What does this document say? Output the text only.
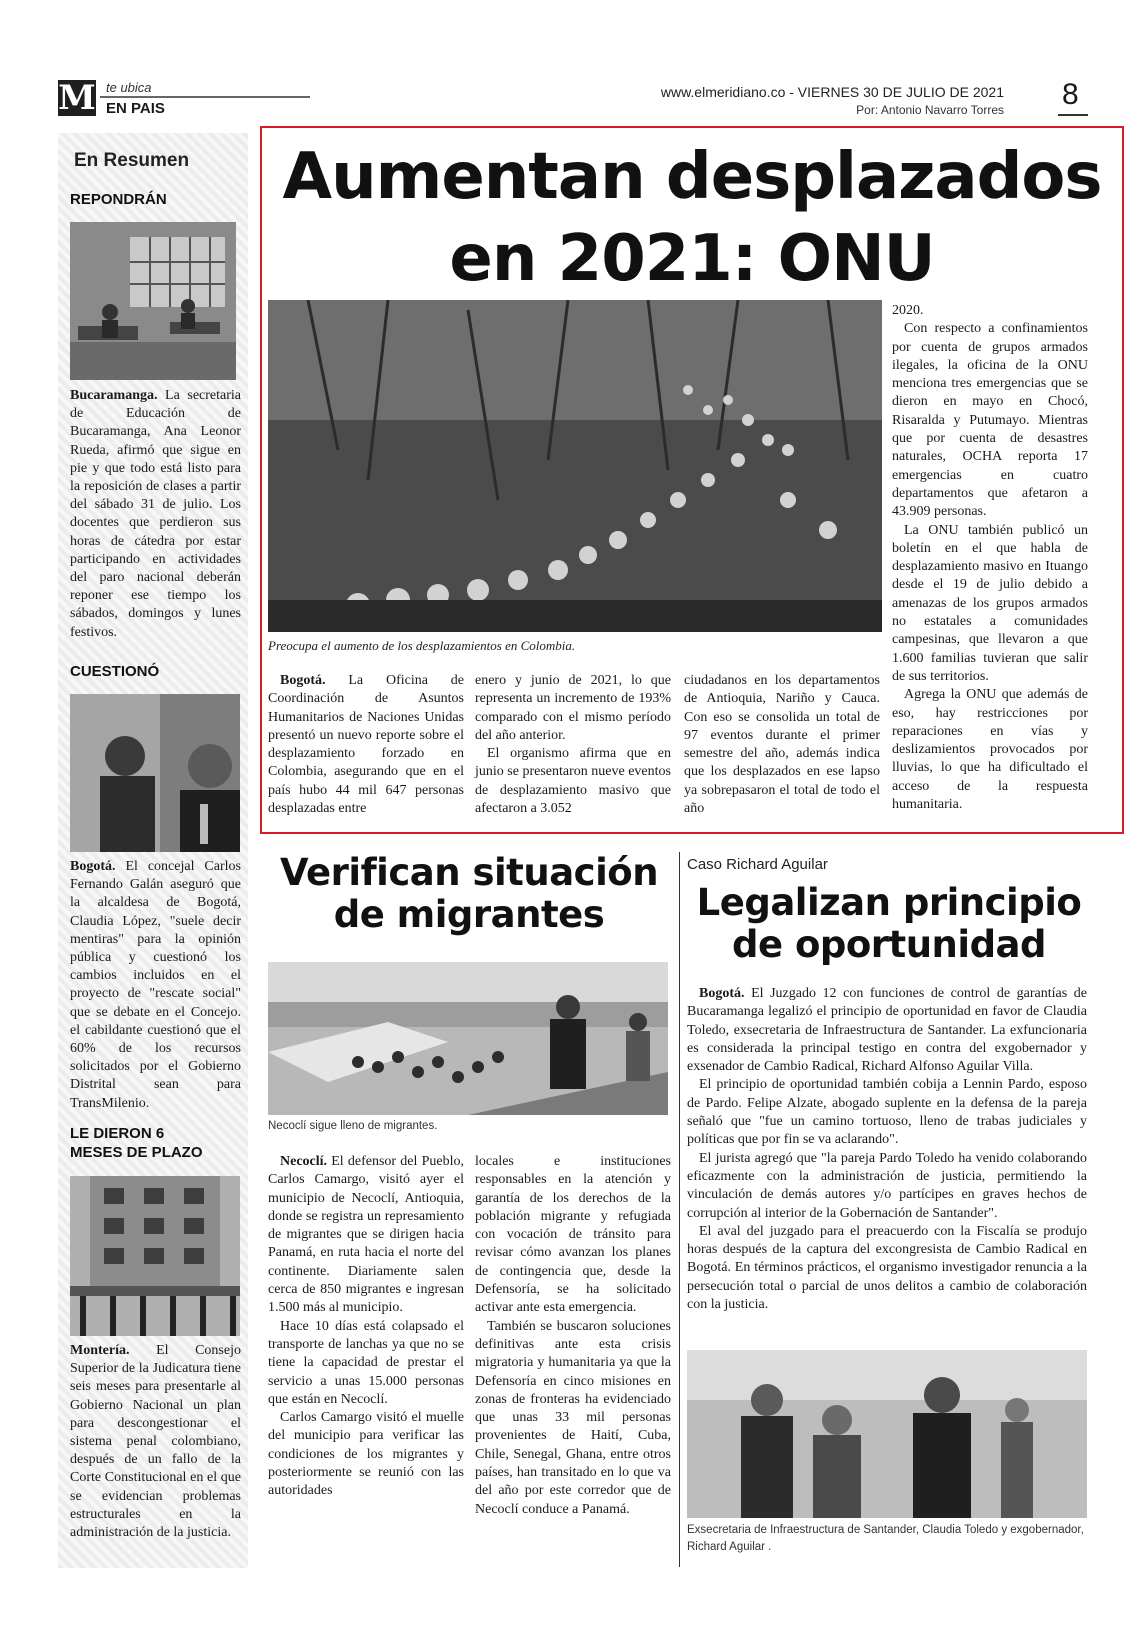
M te ubica
EN PAIS
www.elmeridiano.co - VIERNES 30 DE JULIO DE 2021
Por: Antonio Navarro Torres 8
En Resumen
REPONDRÁN
Bucaramanga. La secretaria de Educación de Bucaramanga, Ana Leonor Rueda, afirmó que sigue en pie y que todo está listo para la reposición de clases a partir del sábado 31 de julio. Los docentes que perdieron sus horas de cátedra por estar participando en actividades del paro nacional deberán reponer ese tiempo los sábados, domingos y lunes festivos.
CUESTIONÓ
Bogotá. El concejal Carlos Fernando Galán aseguró que la alcaldesa de Bogotá, Claudia López, "suele decir mentiras" para la opinión pública y cuestionó los cambios incluidos en el proyecto de "rescate social" que se debate en el Concejo. el cabildante cuestionó que el 60% de los recursos solicitados por el Gobierno Distrital sean para TransMilenio.
LE DIERON 6 MESES DE PLAZO
Montería. El Consejo Superior de la Judicatura tiene seis meses para presentarle al Gobierno Nacional un plan para descongestionar el sistema penal colombiano, después de un fallo de la Corte Constitucional en el que se evidencian problemas estructurales en la administración de la justicia.
Aumentan desplazados
en 2021: ONU
Preocupa el aumento de los desplazamientos en Colombia.
Bogotá. La Oficina de Coordinación de Asuntos Humanitarios de Naciones Unidas presentó un nuevo reporte sobre el desplazamiento forzado en Colombia, asegurando que en el país hubo 44 mil 647 personas desplazadas entre

enero y junio de 2021, lo que representa un incremento de 193% comparado con el mismo período del año anterior.

El organismo afirma que en junio se presentaron nueve eventos de desplazamiento masivo que afectaron a 3.052

ciudadanos en los departamentos de Antioquia, Nariño y Cauca. Con eso se consolida un total de 97 eventos durante el primer semestre del año, además indica que los desplazados en ese lapso ya sobrepasaron el total de todo el año

2020.

Con respecto a confinamientos por cuenta de grupos armados ilegales, la oficina de la ONU menciona tres emergencias que se dieron en mayo en Chocó, Risaralda y Putumayo. Mientras que por cuenta de desastres naturales, OCHA reporta 17 emergencias en cuatro departamentos que afetaron a 43.909 personas.

La ONU también publicó un boletín en el que habla de desplazamiento masivo en Ituango desde el 19 de julio debido a amenazas de los grupos armados no estatales a comunidades campesinas, que llevaron a que 1.600 familias tuvieran que salir de sus territorios.

Agrega la ONU que además de eso, hay restricciones por reparaciones en vías y deslizamientos provocados por lluvias, lo que ha dificultado el acceso de la respuesta humanitaria.

Verifican situación
de migrantes
Necoclí sigue lleno de migrantes.

Necoclí. El defensor del Pueblo, Carlos Camargo, visitó ayer el municipio de Necoclí, Antioquia, donde se registra un represamiento de migrantes que se dirigen hacia Panamá, en ruta hacia el norte del continente. Diariamente salen cerca de 850 migrantes e ingresan 1.500 más al municipio.

Hace 10 días está colapsado el transporte de lanchas ya que no se tiene la capacidad de prestar el servicio a unas 15.000 personas que están en Necoclí.

Carlos Camargo visitó el muelle del municipio para verificar las condiciones de los migrantes y posteriormente se reunió con las autoridades

locales e instituciones responsables en la atención y garantía de los derechos de la población migrante y refugiada con vocación de tránsito para revisar cómo avanzan los planes de contingencia que, desde la Defensoría, se ha solicitado activar ante esta emergencia.

También se buscaron soluciones definitivas ante esta crisis migratoria y humanitaria ya que la Defensoría en cinco misiones en zonas de fronteras ha evidenciado que unas 33 mil personas provenientes de Haití, Cuba, Chile, Senegal, Ghana, entre otros países, han transitado en lo que va del año por este corredor que de Necoclí conduce a Panamá.

Caso Richard Aguilar
Legalizan principio
de oportunidad

Bogotá. El Juzgado 12 con funciones de control de garantías de Bucaramanga legalizó el principio de oportunidad en favor de Claudia Toledo, exsecretaria de Infraestructura de Santander. La exfuncionaria es considerada la principal testigo en contra del exgobernador y exsenador de Cambio Radical, Richard Alfonso Aguilar Villa.

El principio de oportunidad también cobija a Lennin Pardo, esposo de Pardo. Felipe Alzate, abogado suplente en la defensa de la pareja señaló que "fue un camino tortuoso, lleno de trabas judiciales y políticas que por fin se va aclarando".

El jurista agregó que "la pareja Pardo Toledo ha venido colaborando eficazmente con la administración de justicia, permitiendo la vinculación de demás autores y/o partícipes en graves hechos de corrupción al interior de la Gobernación de Santander".

El aval del juzgado para el preacuerdo con la Fiscalía se produjo horas después de la captura del excongresista de Cambio Radical en Bogotá. En términos prácticos, el organismo investigador renuncia a la persecución total o parcial de unos delitos a cambio de colaboración con la justicia.

Exsecretaria de Infraestructura de Santander, Claudia Toledo y exgobernador, Richard Aguilar .
